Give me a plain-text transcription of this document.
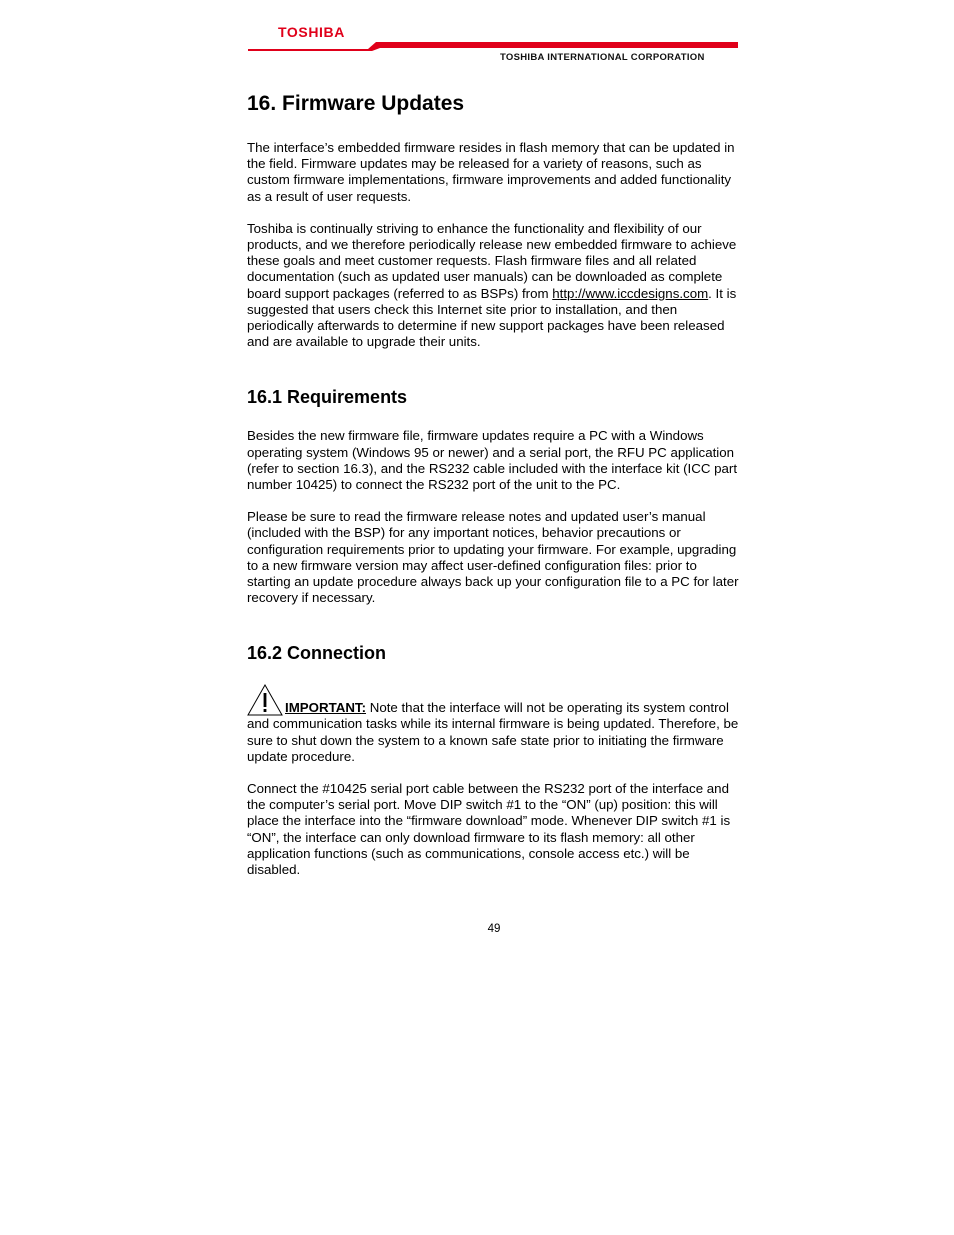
TOSHIBA
TOSHIBA INTERNATIONAL CORPORATION
16. Firmware Updates

The interface’s embedded firmware resides in flash memory that can be updated in the field. Firmware updates may be released for a variety of reasons, such as custom firmware implementations, firmware improvements and added functionality as a result of user requests.

Toshiba is continually striving to enhance the functionality and flexibility of our products, and we therefore periodically release new embedded firmware to achieve these goals and meet customer requests. Flash firmware files and all related documentation (such as updated user manuals) can be downloaded as complete board support packages (referred to as BSPs) from http://www.iccdesigns.com. It is suggested that users check this Internet site prior to installation, and then periodically afterwards to determine if new support packages have been released and are available to upgrade their units.

16.1 Requirements

Besides the new firmware file, firmware updates require a PC with a Windows operating system (Windows 95 or newer) and a serial port, the RFU PC application (refer to section 16.3), and the RS232 cable included with the interface kit (ICC part number 10425) to connect the RS232 port of the unit to the PC.

Please be sure to read the firmware release notes and updated user’s manual (included with the BSP) for any important notices, behavior precautions or configuration requirements prior to updating your firmware. For example, upgrading to a new firmware version may affect user-defined configuration files: prior to starting an update procedure always back up your configuration file to a PC for later recovery if necessary.

16.2 Connection

IMPORTANT: Note that the interface will not be operating its system control and communication tasks while its internal firmware is being updated. Therefore, be sure to shut down the system to a known safe state prior to initiating the firmware update procedure.

Connect the #10425 serial port cable between the RS232 port of the interface and the computer’s serial port. Move DIP switch #1 to the “ON” (up) position: this will place the interface into the “firmware download” mode. Whenever DIP switch #1 is “ON”, the interface can only download firmware to its flash memory: all other application functions (such as communications, console access etc.) will be disabled.

49
